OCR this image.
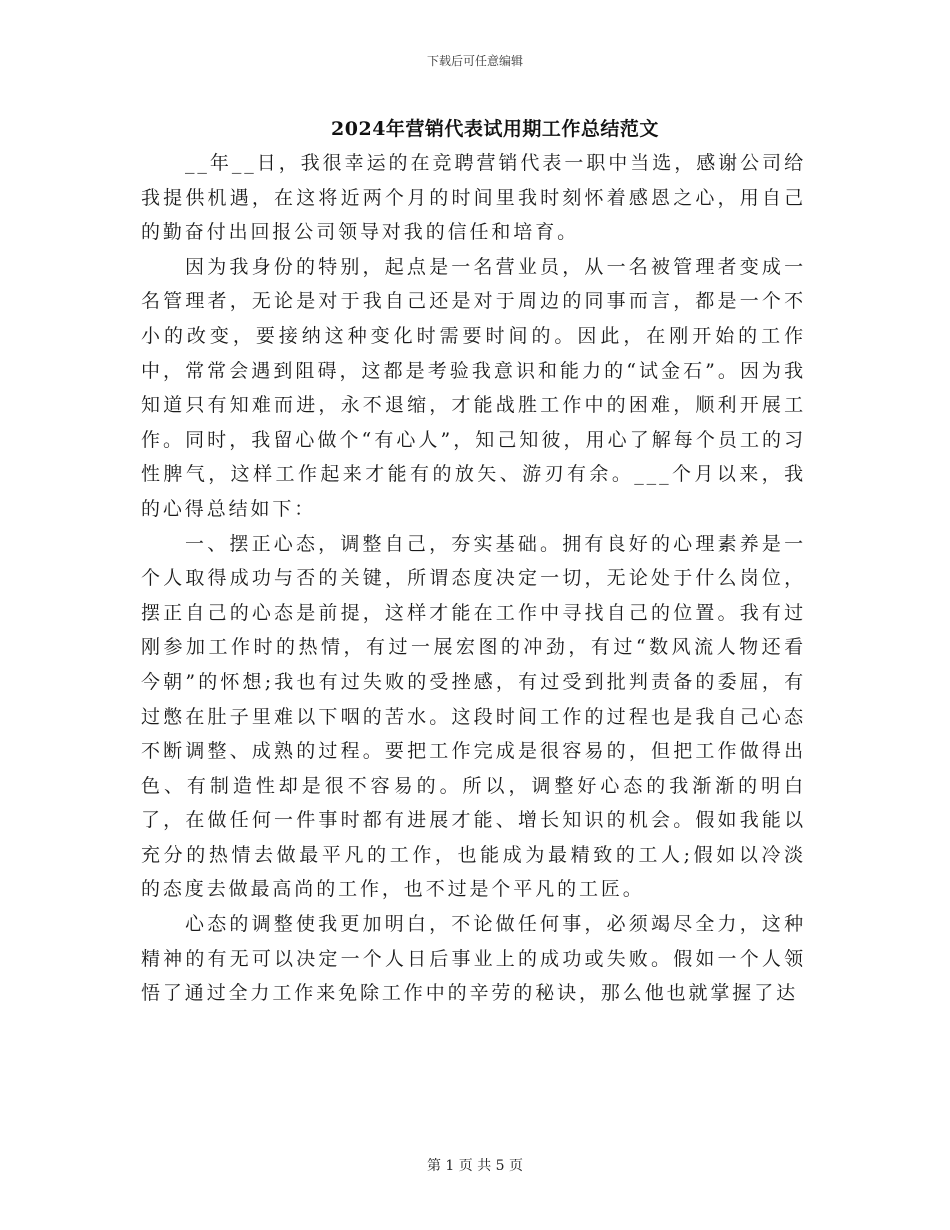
下载后可任意编辑
2024年营销代表试用期工作总结范文

__年__日，我很幸运的在竞聘营销代表一职中当选，感谢公司给我提供机遇，在这将近两个月的时间里我时刻怀着感恩之心，用自己的勤奋付出回报公司领导对我的信任和培育。

因为我身份的特别，起点是一名营业员，从一名被管理者变成一名管理者，无论是对于我自己还是对于周边的同事而言，都是一个不小的改变，要接纳这种变化时需要时间的。因此，在刚开始的工作中，常常会遇到阻碍，这都是考验我意识和能力的“试金石”。因为我知道只有知难而进，永不退缩，才能战胜工作中的困难，顺利开展工作。同时，我留心做个“有心人”，知己知彼，用心了解每个员工的习性脾气，这样工作起来才能有的放矢、游刃有余。___个月以来，我的心得总结如下：

一、摆正心态，调整自己，夯实基础。拥有良好的心理素养是一个人取得成功与否的关键，所谓态度决定一切，无论处于什么岗位，摆正自己的心态是前提，这样才能在工作中寻找自己的位置。我有过刚参加工作时的热情，有过一展宏图的冲劲，有过“数风流人物还看今朝”的怀想;我也有过失败的受挫感，有过受到批判责备的委屈，有过憋在肚子里难以下咽的苦水。这段时间工作的过程也是我自己心态不断调整、成熟的过程。要把工作完成是很容易的，但把工作做得出色、有制造性却是很不容易的。所以，调整好心态的我渐渐的明白了，在做任何一件事时都有进展才能、增长知识的机会。假如我能以充分的热情去做最平凡的工作，也能成为最精致的工人;假如以冷淡的态度去做最高尚的工作，也不过是个平凡的工匠。

心态的调整使我更加明白，不论做任何事，必须竭尽全力，这种精神的有无可以决定一个人日后事业上的成功或失败。假如一个人领悟了通过全力工作来免除工作中的辛劳的秘诀，那么他也就掌握了达

第 1 页 共 5 页
